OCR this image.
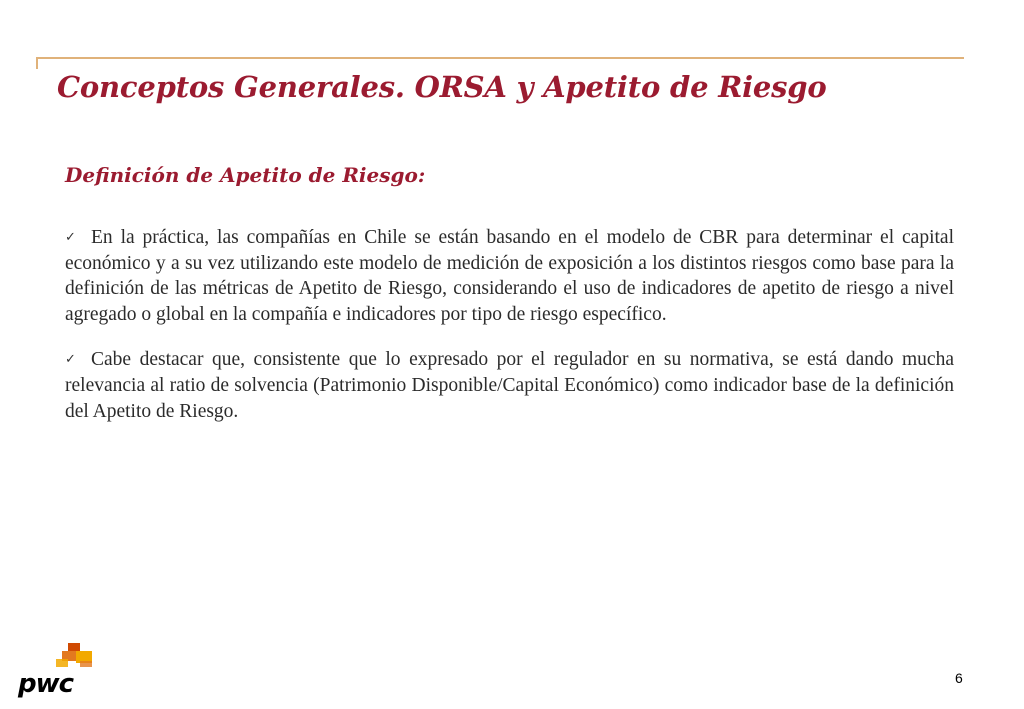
Conceptos Generales. ORSA y Apetito de Riesgo
Definición de Apetito de Riesgo:
✓ En la práctica, las compañías en Chile se están basando en el modelo de CBR para determinar el capital económico y a su vez utilizando este modelo de medición de exposición a los distintos riesgos como base para la definición de las métricas de Apetito de Riesgo, considerando el uso de indicadores de apetito de riesgo a nivel agregado o global en la compañía e indicadores por tipo de riesgo específico.
✓ Cabe destacar que, consistente que lo expresado por el regulador en su normativa, se está dando mucha relevancia al ratio de solvencia (Patrimonio Disponible/Capital Económico) como indicador base de la definición del Apetito de Riesgo.

pwc	6
